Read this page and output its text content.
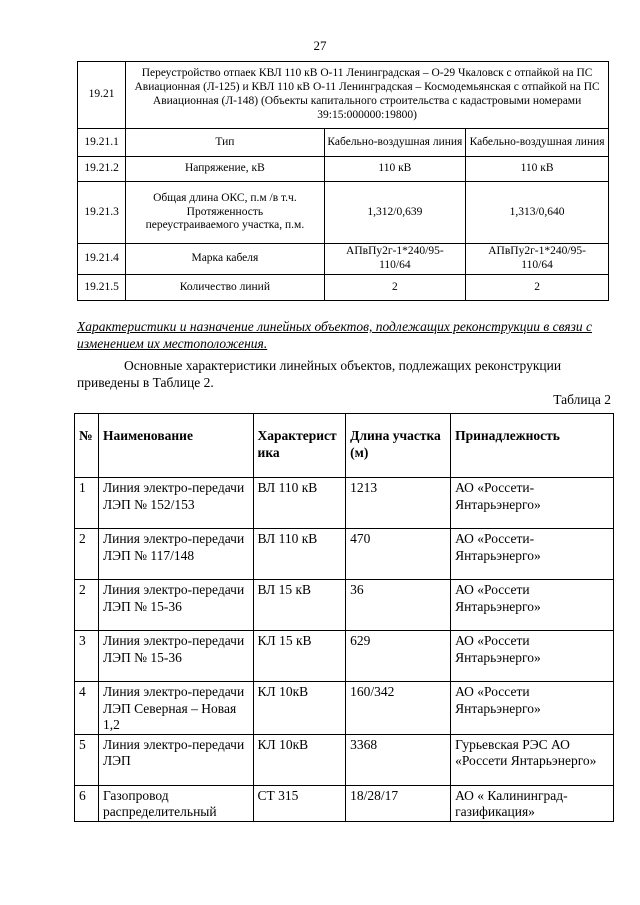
27
19.21	Переустройство отпаек КВЛ 110 кВ О-11 Ленинградская – О-29 Чкаловск с отпайкой на ПС Авиационная (Л-125) и КВЛ 110 кВ О-11 Ленинградская – Космодемьянская с отпайкой на ПС Авиационная (Л-148) (Объекты капитального строительства с кадастровыми номерами 39:15:000000:19800)		
19.21.1	Тип	Кабельно-воздушная линия	Кабельно-воздушная линия
19.21.2	Напряжение, кВ	110 кВ	110 кВ
19.21.3	Общая длина ОКС, п.м /в т.ч. Протяженность переустраиваемого участка, п.м.	1,312/0,639	1,313/0,640
19.21.4	Марка кабеля	АПвПу2г-1*240/95-110/64	АПвПу2г-1*240/95-110/64
19.21.5	Количество линий	2	2
Характеристики и назначение линейных объектов, подлежащих реконструкции в связи с изменением их местоположения.
Основные характеристики линейных объектов, подлежащих реконструкции приведены в Таблице 2.
Таблица 2
№	Наименование	Характеристика	Длина участка (м)	Принадлежность
1	Линия электро-передачи ЛЭП № 152/153	ВЛ 110 кВ	1213	АО «Россети-Янтарьэнерго»
2	Линия электро-передачи ЛЭП № 117/148	ВЛ 110 кВ	470	АО «Россети-Янтарьэнерго»
2	Линия электро-передачи ЛЭП № 15-36	ВЛ 15 кВ	36	АО «Россети Янтарьэнерго»
3	Линия электро-передачи ЛЭП № 15-36	КЛ 15 кВ	629	АО «Россети Янтарьэнерго»
4	Линия электро-передачи ЛЭП Северная – Новая 1,2	КЛ 10кВ	160/342	АО «Россети Янтарьэнерго»
5	Линия электро-передачи ЛЭП	КЛ 10кВ	3368	Гурьевская РЭС АО «Россети Янтарьэнерго»
6	Газопровод распределительный	СТ 315	18/28/17	АО « Калининград-газификация»
